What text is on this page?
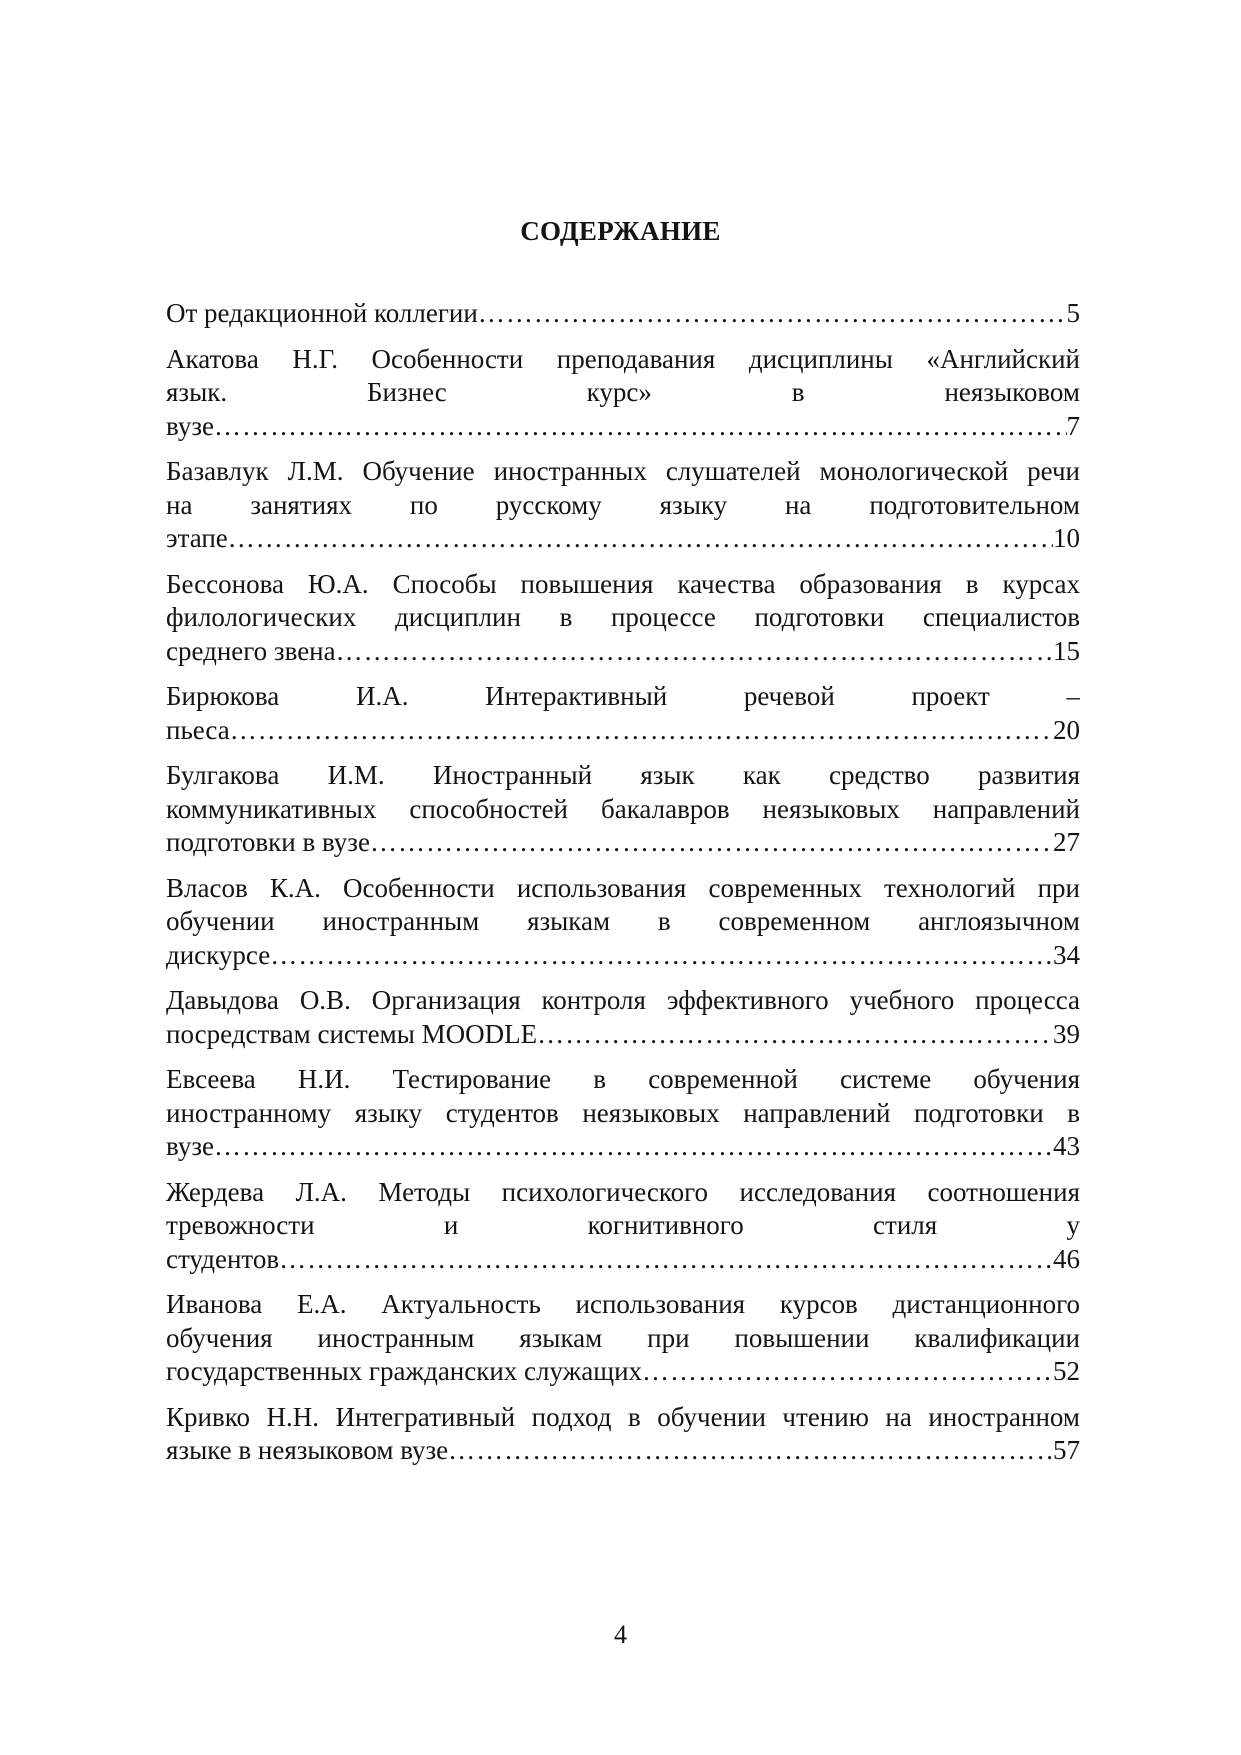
СОДЕРЖАНИЕ
От редакционной коллегии …………………………………………………………………………………………………………………………………………………………………………………………	5
Акатова Н.Г. Особенности преподавания дисциплины «Английский
язык. Бизнес курс» в неязыковом
вузе …………………………………………………………………………………………………………………………………………………………………………………………	7
Базавлук Л.М. Обучение иностранных слушателей монологической речи
на занятиях по русскому языку на подготовительном
этапе …………………………………………………………………………………………………………………………………………………………………………………………	10
Бессонова Ю.А. Способы повышения качества образования в курсах
филологических дисциплин в процессе подготовки специалистов
среднего звена …………………………………………………………………………………………………………………………………………………………………………………………	15
Бирюкова И.А. Интерактивный речевой проект –
пьеса …………………………………………………………………………………………………………………………………………………………………………………………	20
Булгакова И.М. Иностранный язык как средство развития
коммуникативных способностей бакалавров неязыковых направлений
подготовки в вузе …………………………………………………………………………………………………………………………………………………………………………………………	27
Власов К.А. Особенности использования современных технологий при
обучении иностранным языкам в современном англоязычном
дискурсе …………………………………………………………………………………………………………………………………………………………………………………………	34
Давыдова О.В. Организация контроля эффективного учебного процесса
посредствам системы MOODLE …………………………………………………………………………………………………………………………………………………………………………………………	39
Евсеева Н.И. Тестирование в современной системе обучения
иностранному языку студентов неязыковых направлений подготовки в
вузе …………………………………………………………………………………………………………………………………………………………………………………………	43
Жердева Л.А. Методы психологического исследования соотношения
тревожности и когнитивного стиля у
студентов …………………………………………………………………………………………………………………………………………………………………………………………	46
Иванова Е.А. Актуальность использования курсов дистанционного
обучения иностранным языкам при повышении квалификации
государственных гражданских служащих …………………………………………………………………………………………………………………………………………………………………………………………	52
Кривко Н.Н. Интегративный подход в обучении чтению на иностранном
языке в неязыковом вузе …………………………………………………………………………………………………………………………………………………………………………………………	57
4
